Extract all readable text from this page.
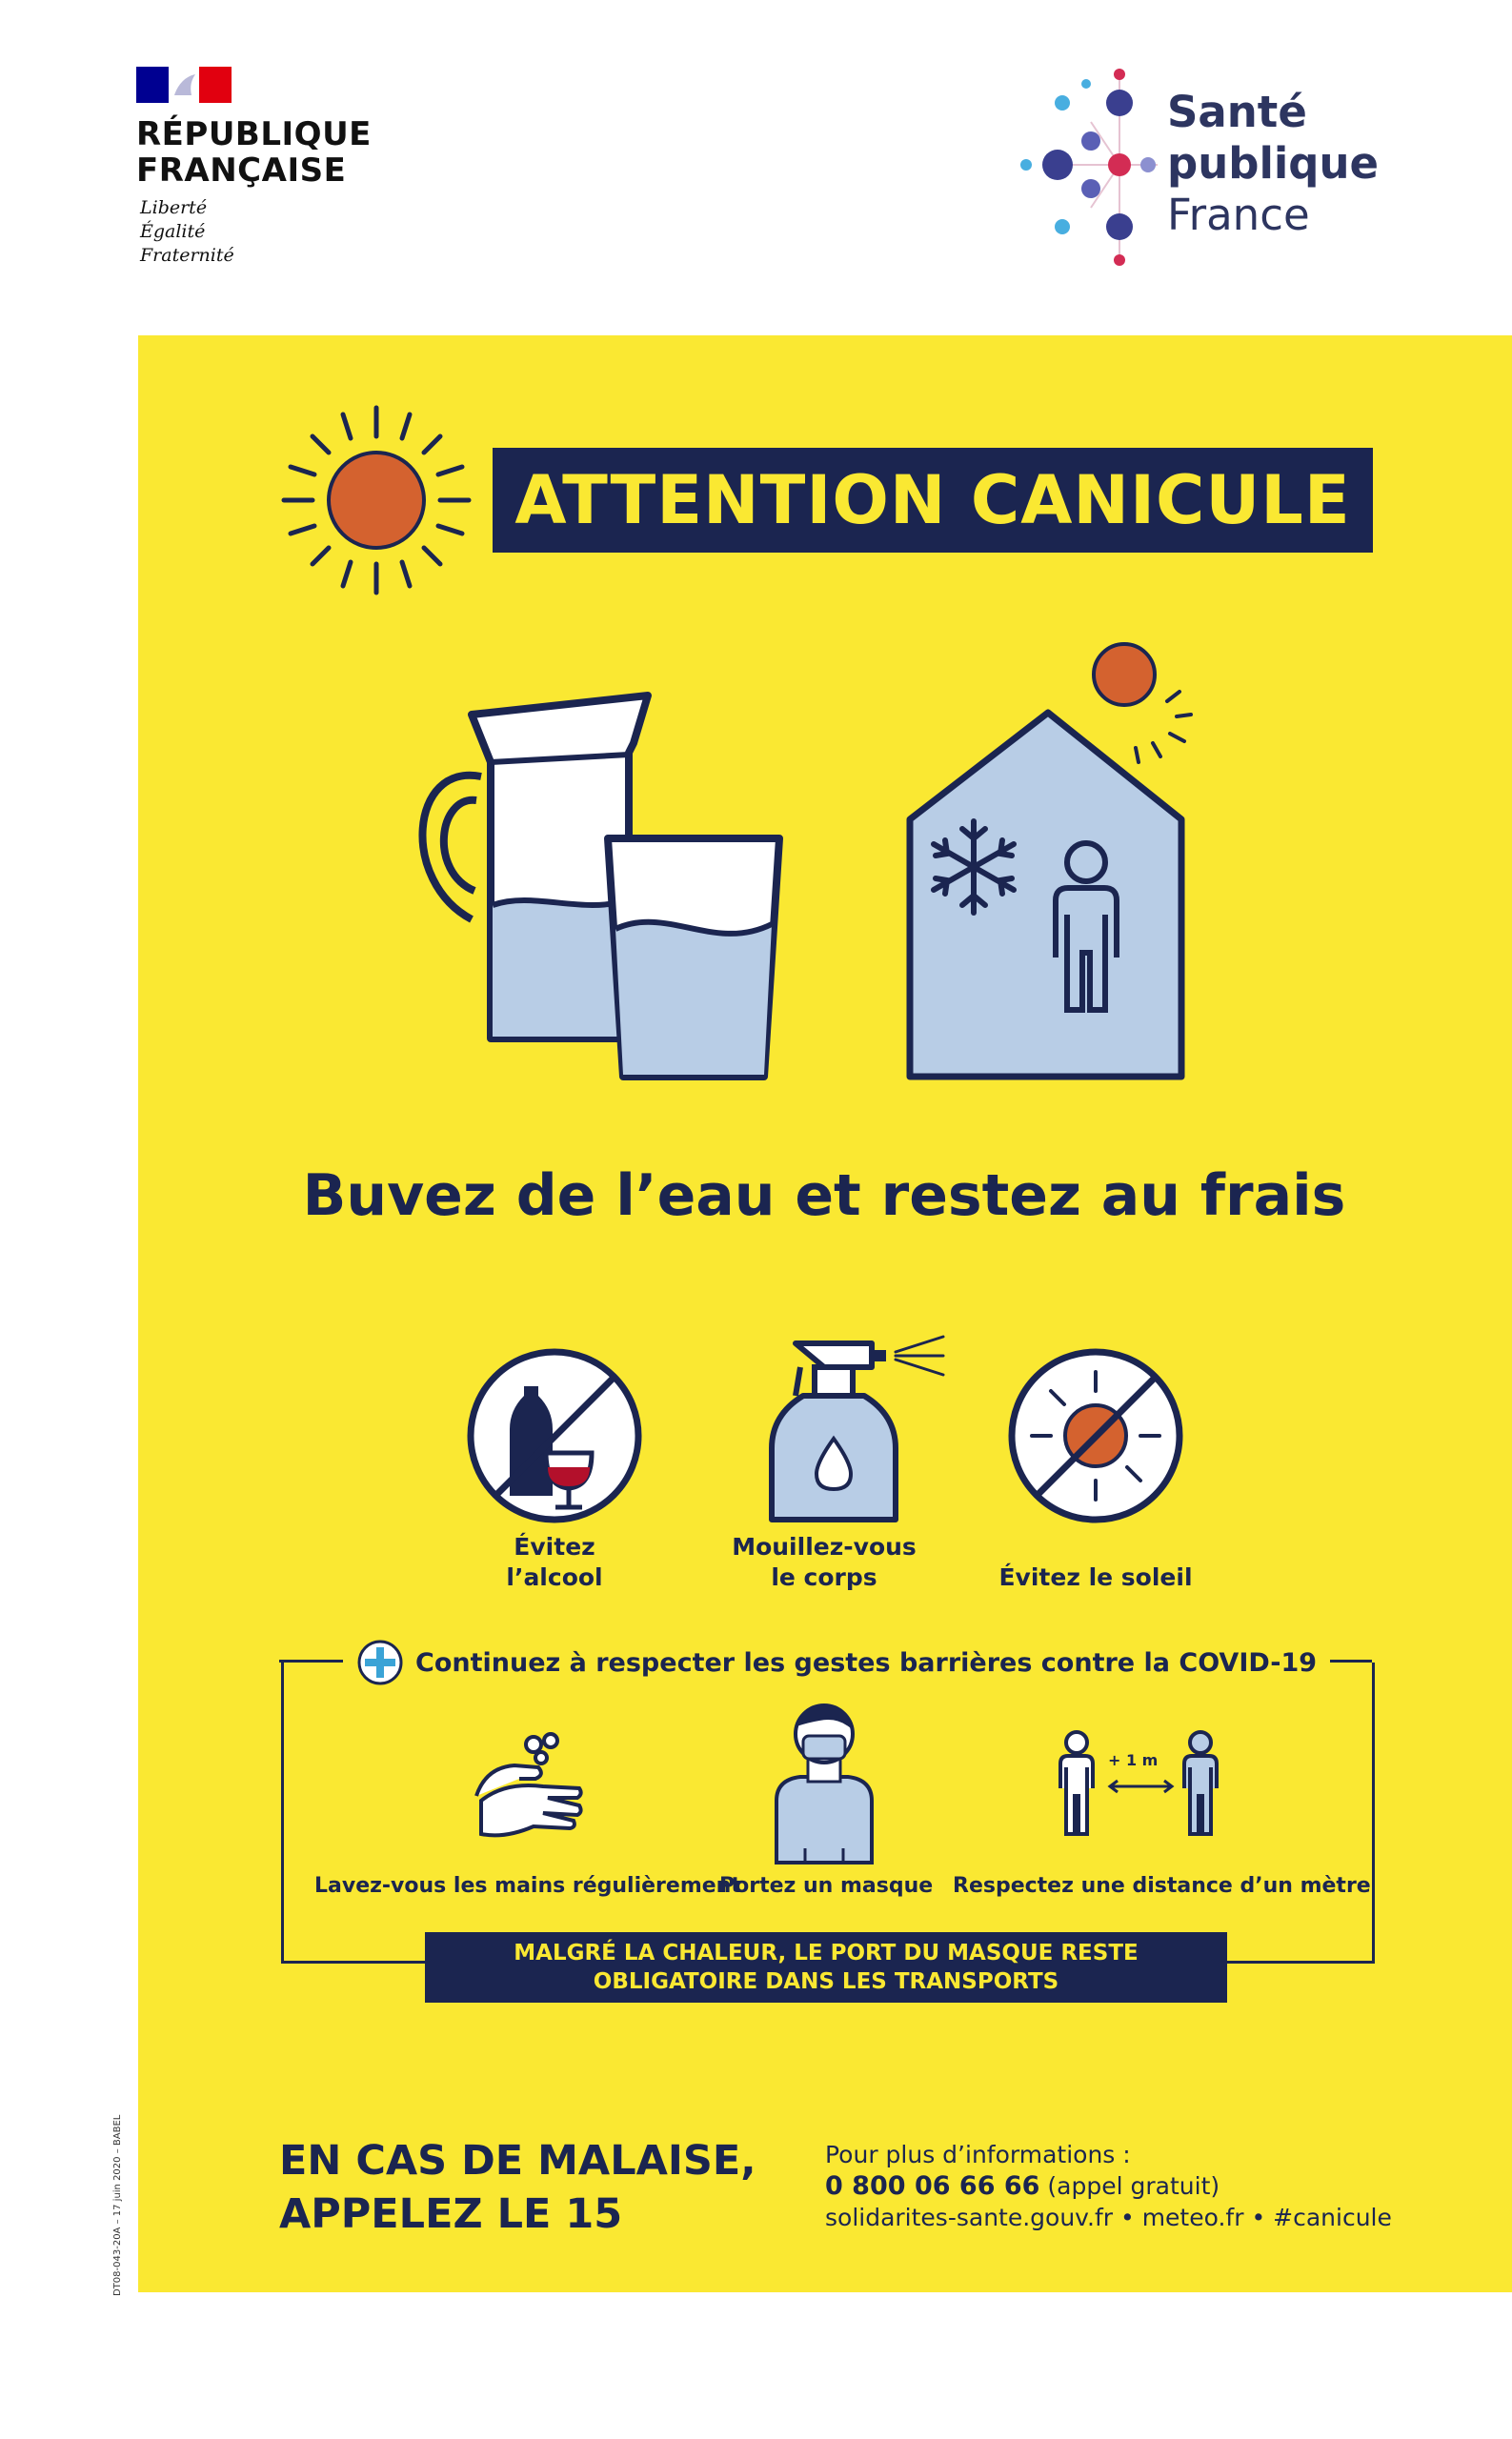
RÉPUBLIQUE
FRANÇAISE
Liberté
Égalité
Fraternité
Santé
publique
France
ATTENTION CANICULE
Buvez de l’eau et restez au frais
Évitez
l’alcool
Mouillez-vous
le corps	Évitez le soleil
Continuez à respecter les gestes barrières contre la COVID-19
+ 1 m
Lavez-vous les mains régulièrement
Portez un masque Respectez une distance d’un mètre
MALGRÉ LA CHALEUR, LE PORT DU MASQUE RESTE
OBLIGATOIRE DANS LES TRANSPORTS
EN CAS DE MALAISE,
APPELEZ LE 15
Pour plus d’informations :
0 800 06 66 66 (appel gratuit)
solidarites-sante.gouv.fr • meteo.fr • #canicule
DT08-043-20A – 17 juin 2020 – BABEL
